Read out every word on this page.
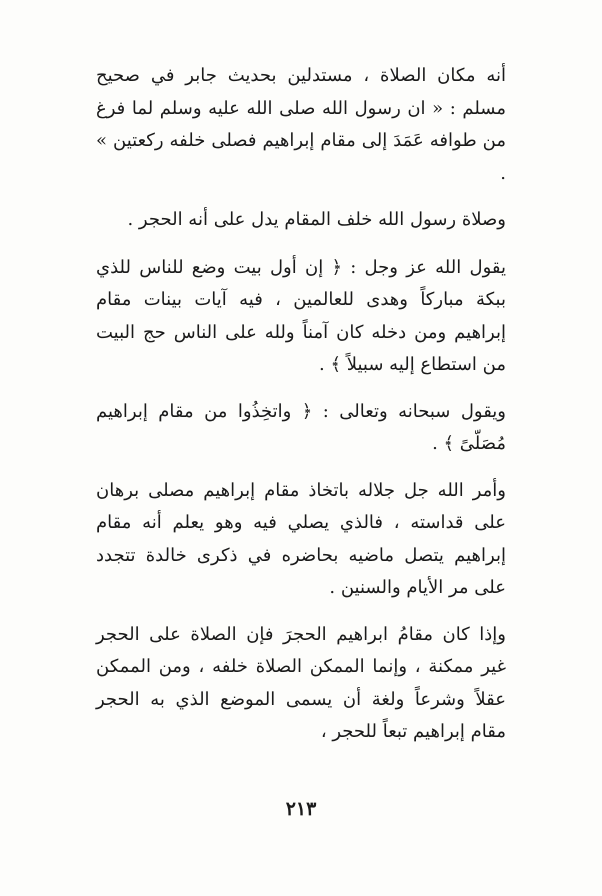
أنه مكان الصلاة ، مستدلين بحديث جابر في صحيح مسلم : « ان رسول الله صلى الله عليه وسلم لما فرغ من طوافه عَمَدَ إلى مقام إبراهيم فصلى خلفه ركعتين » .

وصلاة رسول الله خلف المقام يدل على أنه الحجر .

يقول الله عز وجل : ﴿ إن أول بيت وضع للناس للذي ببكة مباركاً وهدى للعالمين ، فيه آيات بينات مقام إبراهيم ومن دخله كان آمناً ولله على الناس حج البيت من استطاع إليه سبيلاً ﴾ .

ويقول سبحانه وتعالى : ﴿ واتخِذُوا من مقام إبراهيم مُصَلّىً ﴾ .

وأمر الله جل جلاله باتخاذ مقام إبراهيم مصلى برهان على قداسته ، فالذي يصلي فيه وهو يعلم أنه مقام إبراهيم يتصل ماضيه بحاضره في ذكرى خالدة تتجدد على مر الأيام والسنين .

وإذا كان مقامُ ابراهيم الحجرَ فإن الصلاة على الحجر غير ممكنة ، وإنما الممكن الصلاة خلفه ، ومن الممكن عقلاً وشرعاً ولغة أن يسمى الموضع الذي به الحجر مقام إبراهيم تبعاً للحجر ،

٢١٣
